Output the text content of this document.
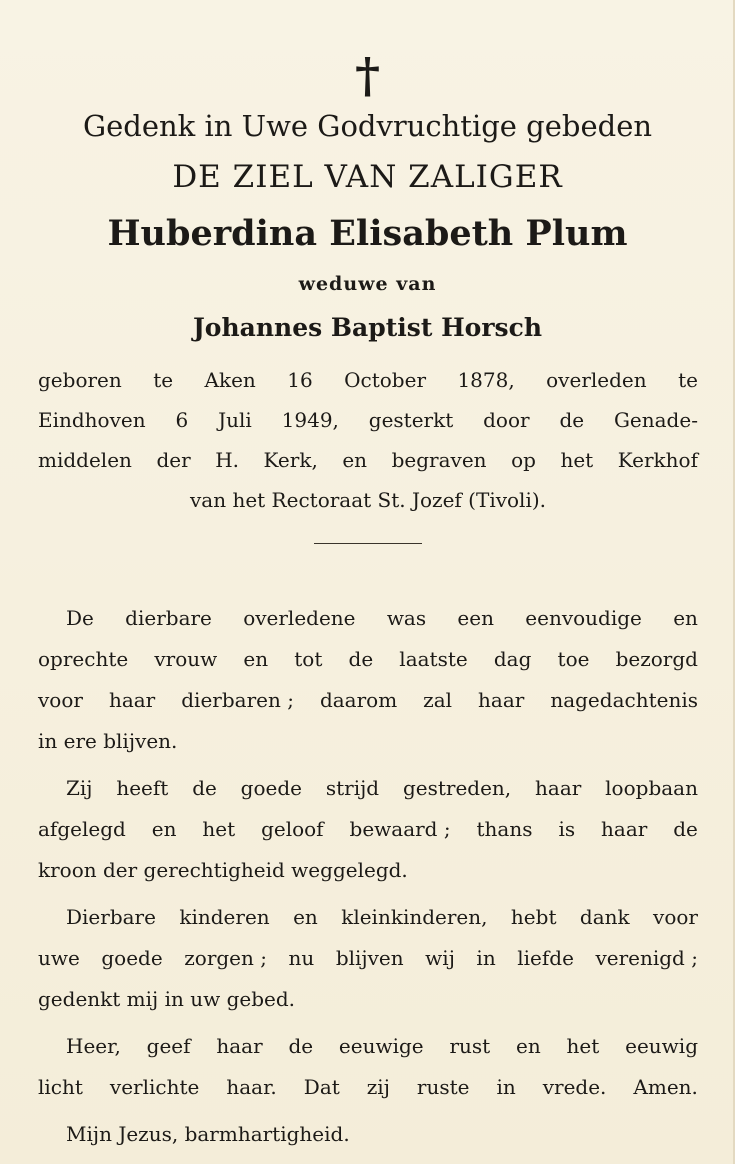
†
Gedenk in Uwe Godvruchtige gebeden
DE ZIEL VAN ZALIGER
Huberdina Elisabeth Plum
weduwe van
Johannes Baptist Horsch
geboren te Aken 16 October 1878, overleden te
Eindhoven 6 Juli 1949, gesterkt door de Genade-
middelen der H. Kerk, en begraven op het Kerkhof
van het Rectoraat St. Jozef (Tivoli).
De dierbare overledene was een eenvoudige en
oprechte vrouw en tot de laatste dag toe bezorgd
voor haar dierbaren ; daarom zal haar nagedachtenis
in ere blijven.
Zij heeft de goede strijd gestreden, haar loopbaan
afgelegd en het geloof bewaard ; thans is haar de
kroon der gerechtigheid weggelegd.
Dierbare kinderen en kleinkinderen, hebt dank voor
uwe goede zorgen ; nu blijven wij in liefde verenigd ;
gedenkt mij in uw gebed.
Heer, geef haar de eeuwige rust en het eeuwig
licht verlichte haar. Dat zij ruste in vrede. Amen.
Mijn Jezus, barmhartigheid.
